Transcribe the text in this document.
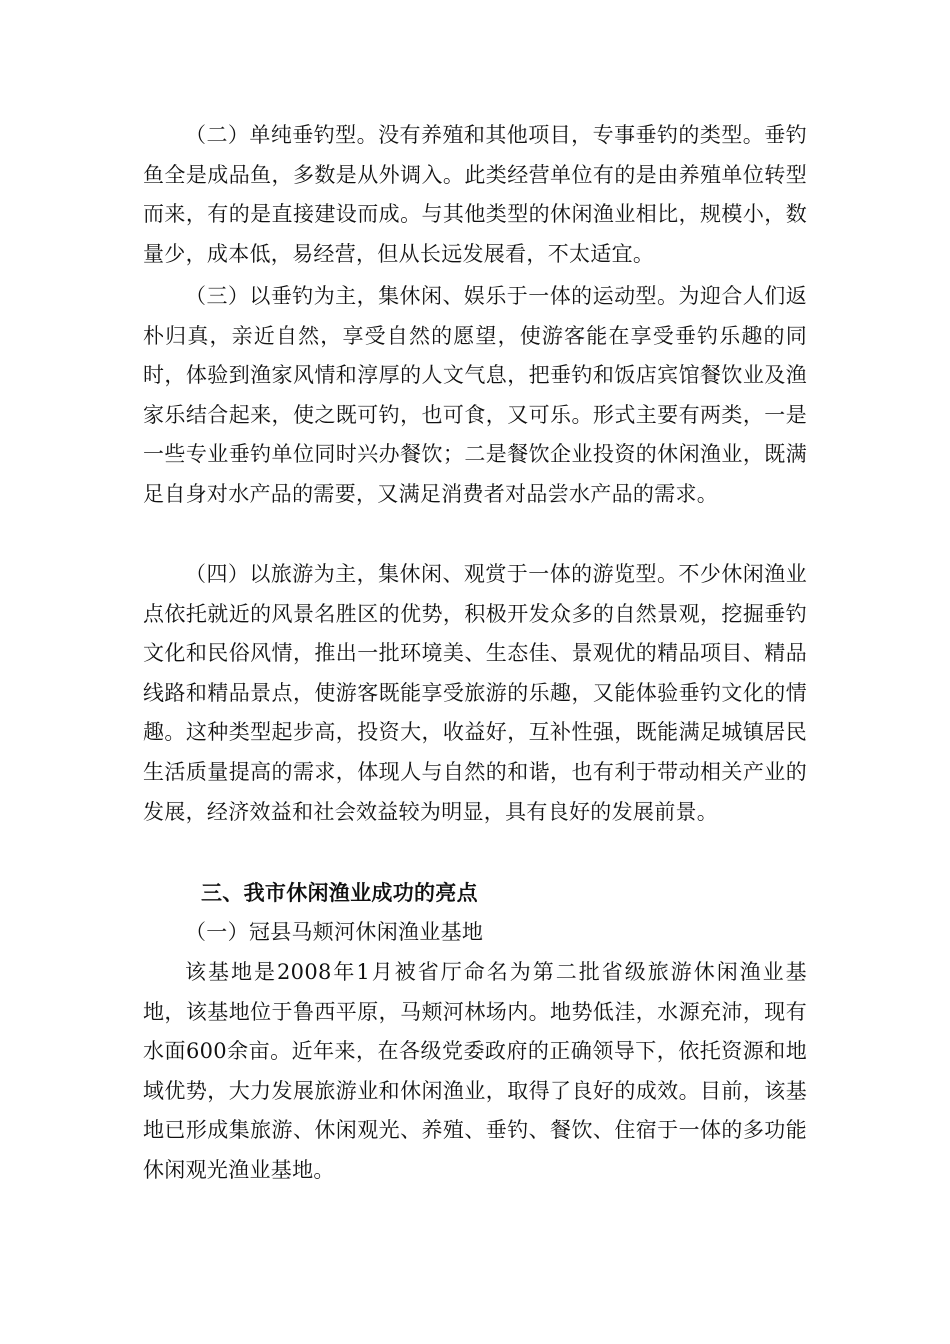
（二）单纯垂钓型。没有养殖和其他项目，专事垂钓的类型。垂钓鱼全是成品鱼，多数是从外调入。此类经营单位有的是由养殖单位转型而来，有的是直接建设而成。与其他类型的休闲渔业相比，规模小，数量少，成本低，易经营，但从长远发展看，不太适宜。

（三）以垂钓为主，集休闲、娱乐于一体的运动型。为迎合人们返朴归真，亲近自然，享受自然的愿望，使游客能在享受垂钓乐趣的同时，体验到渔家风情和淳厚的人文气息，把垂钓和饭店宾馆餐饮业及渔家乐结合起来，使之既可钓，也可食，又可乐。形式主要有两类，一是一些专业垂钓单位同时兴办餐饮；二是餐饮企业投资的休闲渔业，既满足自身对水产品的需要，又满足消费者对品尝水产品的需求。

（四）以旅游为主，集休闲、观赏于一体的游览型。不少休闲渔业点依托就近的风景名胜区的优势，积极开发众多的自然景观，挖掘垂钓文化和民俗风情，推出一批环境美、生态佳、景观优的精品项目、精品线路和精品景点，使游客既能享受旅游的乐趣，又能体验垂钓文化的情趣。这种类型起步高，投资大，收益好，互补性强，既能满足城镇居民生活质量提高的需求，体现人与自然的和谐，也有利于带动相关产业的发展，经济效益和社会效益较为明显，具有良好的发展前景。

三、我市休闲渔业成功的亮点

（一）冠县马颊河休闲渔业基地

该基地是2008年1月被省厅命名为第二批省级旅游休闲渔业基地，该基地位于鲁西平原，马颊河林场内。地势低洼，水源充沛，现有水面600余亩。近年来，在各级党委政府的正确领导下，依托资源和地域优势，大力发展旅游业和休闲渔业，取得了良好的成效。目前，该基地已形成集旅游、休闲观光、养殖、垂钓、餐饮、住宿于一体的多功能休闲观光渔业基地。
